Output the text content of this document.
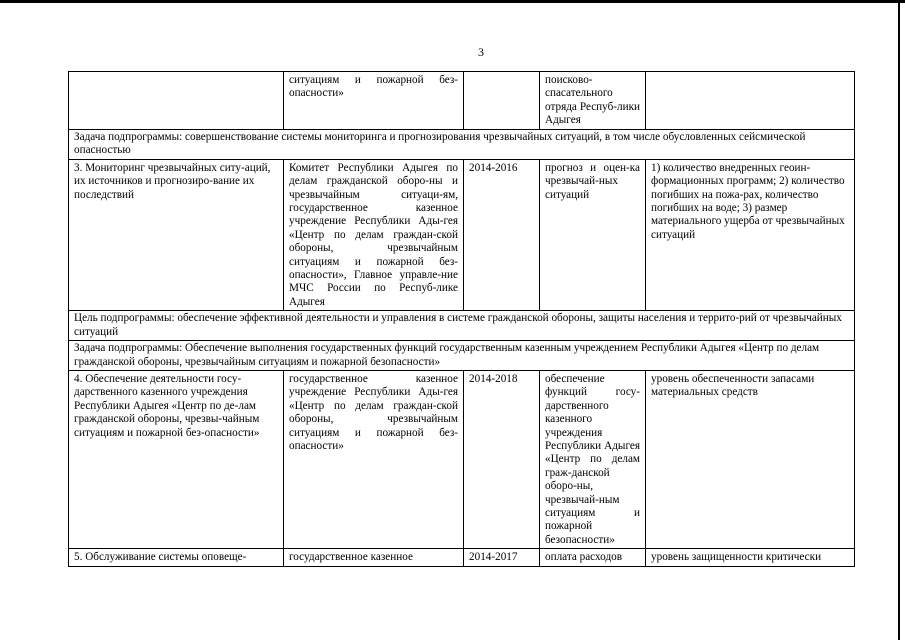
3
	ситуациям и пожарной без-опасности»		поисково-спасательного отряда Респуб-лики Адыгея	
Задача подпрограммы: совершенствование системы мониторинга и прогнозирования чрезвычайных ситуаций, в том числе обусловленных сейсмической опасностью				
3. Мониторинг чрезвычайных ситу-аций, их источников и прогнозиро-вание их последствий	Комитет Республики Адыгея по делам гражданской оборо-ны и чрезвычайным ситуаци-ям, государственное казенное учреждение Республики Ады-гея «Центр по делам граждан-ской обороны, чрезвычайным ситуациям и пожарной без-опасности», Главное управле-ние МЧС России по Респуб-лике Адыгея	2014-2016	прогноз и оцен-ка чрезвычай-ных ситуаций	1) количество внедренных геоин-формационных программ; 2) количество погибших на пожа-рах, количество погибших на воде; 3) размер материального ущерба от чрезвычайных ситуаций
Цель подпрограммы: обеспечение эффективной деятельности и управления в системе гражданской обороны, защиты населения и террито-рий от чрезвычайных ситуаций				
Задача подпрограммы: Обеспечение выполнения государственных функций государственным казенным учреждением Республики Адыгея «Центр по делам гражданской обороны, чрезвычайным ситуациям и пожарной безопасности»				
4. Обеспечение деятельности госу-дарственного казенного учреждения Республики Адыгея «Центр по де-лам гражданской обороны, чрезвы-чайным ситуациям и пожарной без-опасности»	государственное казенное учреждение Республики Ады-гея «Центр по делам граждан-ской обороны, чрезвычайным ситуациям и пожарной без-опасности»	2014-2018	обеспечение функций госу-дарственного казенного учреждения Республики Адыгея «Центр по делам граж-данской оборо-ны, чрезвычай-ным ситуациям и пожарной безопасности»	уровень обеспеченности запасами материальных средств
5. Обслуживание системы оповеще-	государственное казенное	2014-2017	оплата расходов	уровень защищенности критически
